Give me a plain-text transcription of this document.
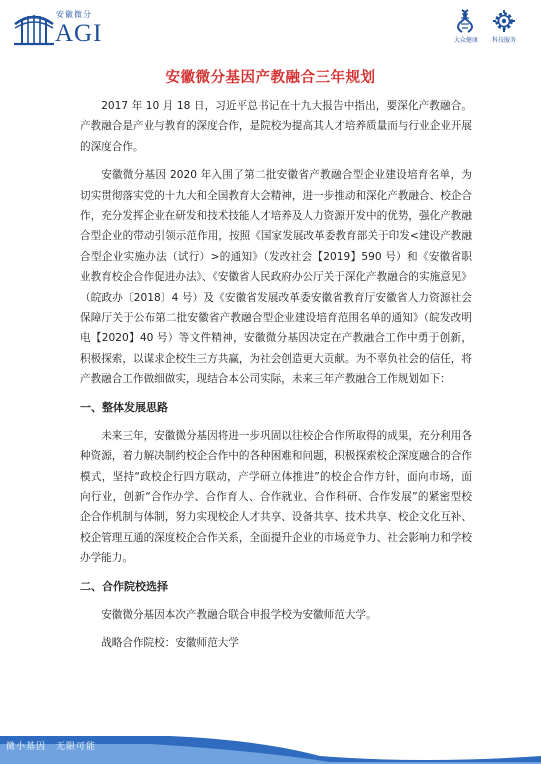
安徽微分
AGI	大众健康	科技服务
安徽微分基因产教融合三年规划

2017 年 10 月 18 日，习近平总书记在十九大报告中指出，要深化产教融合。产教融合是产业与教育的深度合作，是院校为提高其人才培养质量而与行业企业开展的深度合作。

安徽微分基因 2020 年入围了第二批安徽省产教融合型企业建设培育名单，为切实贯彻落实党的十九大和全国教育大会精神，进一步推动和深化产教融合、校企合作，充分发挥企业在研发和技术技能人才培养及人力资源开发中的优势，强化产教融合型企业的带动引领示范作用，按照《国家发展改革委教育部关于印发<建设产教融合型企业实施办法（试行）>的通知》（发改社会【2019】590 号）和《安徽省职业教育校企合作促进办法》、《安徽省人民政府办公厅关于深化产教融合的实施意见》（皖政办〔2018〕4 号）及《安徽省发展改革委安徽省教育厅安徽省人力资源社会保障厅关于公布第二批安徽省产教融合型企业建设培育范围名单的通知》（皖发改明电【2020】40 号）等文件精神，安徽微分基因决定在产教融合工作中勇于创新，积极探索，以谋求企校生三方共赢，为社会创造更大贡献。为不辜负社会的信任，将产教融合工作做细做实，现结合本公司实际，未来三年产教融合工作规划如下：

一、整体发展思路

未来三年，安徽微分基因将进一步巩固以往校企合作所取得的成果，充分利用各种资源，着力解决制约校企合作中的各种困难和问题，积极探索校企深度融合的合作模式，坚持“政校企行四方联动，产学研立体推进”的校企合作方针，面向市场，面向行业，创新“合作办学、合作育人、合作就业、合作科研、合作发展”的紧密型校企合作机制与体制，努力实现校企人才共享、设备共享、技术共享、校企文化互补、校企管理互通的深度校企合作关系，全面提升企业的市场竞争力、社会影响力和学校办学能力。

二、合作院校选择

安徽微分基因本次产教融合联合申报学校为安徽师范大学。

战略合作院校：安徽师范大学

微小基因　无限可能
